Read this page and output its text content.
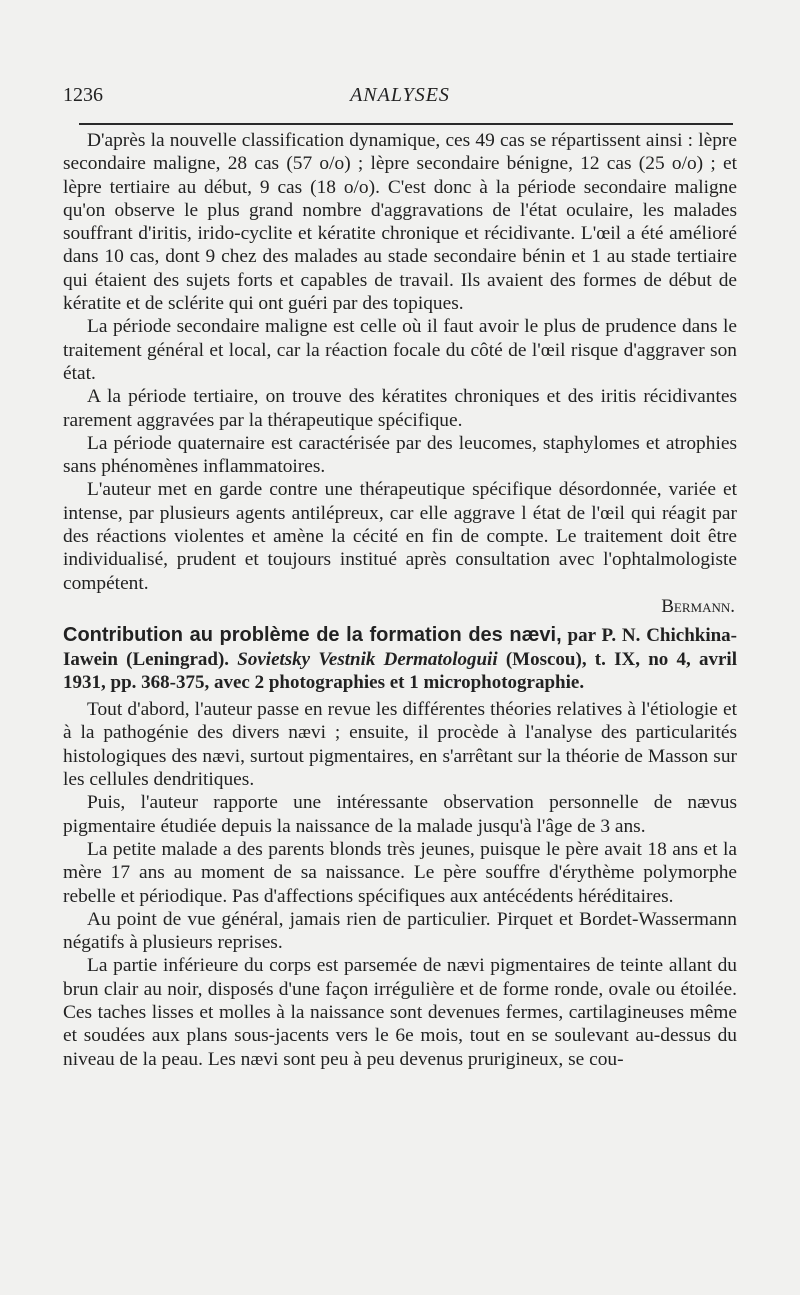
1236	ANALYSES

D'après la nouvelle classification dynamique, ces 49 cas se répartissent ainsi : lèpre secondaire maligne, 28 cas (57 o/o) ; lèpre secondaire bénigne, 12 cas (25 o/o) ; et lèpre tertiaire au début, 9 cas (18 o/o). C'est donc à la période secondaire maligne qu'on observe le plus grand nombre d'aggravations de l'état oculaire, les malades souffrant d'iritis, irido-cyclite et kératite chronique et récidivante. L'œil a été amélioré dans 10 cas, dont 9 chez des malades au stade secondaire bénin et 1 au stade tertiaire qui étaient des sujets forts et capables de travail. Ils avaient des formes de début de kératite et de sclérite qui ont guéri par des topiques.

La période secondaire maligne est celle où il faut avoir le plus de prudence dans le traitement général et local, car la réaction focale du côté de l'œil risque d'aggraver son état.

A la période tertiaire, on trouve des kératites chroniques et des iritis récidivantes rarement aggravées par la thérapeutique spécifique.

La période quaternaire est caractérisée par des leucomes, staphylomes et atrophies sans phénomènes inflammatoires.

L'auteur met en garde contre une thérapeutique spécifique désordonnée, variée et intense, par plusieurs agents antilépreux, car elle aggrave l état de l'œil qui réagit par des réactions violentes et amène la cécité en fin de compte. Le traitement doit être individualisé, prudent et toujours institué après consultation avec l'ophtalmologiste compétent.

Bermann.
Contribution au problème de la formation des nævi, par P. N. Chichkina-Iawein (Leningrad). Sovietsky Vestnik Dermatologuii (Moscou), t. IX, no 4, avril 1931, pp. 368-375, avec 2 photographies et 1 microphotographie.

Tout d'abord, l'auteur passe en revue les différentes théories relatives à l'étiologie et à la pathogénie des divers nævi ; ensuite, il procède à l'analyse des particularités histologiques des nævi, surtout pigmentaires, en s'arrêtant sur la théorie de Masson sur les cellules dendritiques.

Puis, l'auteur rapporte une intéressante observation personnelle de nævus pigmentaire étudiée depuis la naissance de la malade jusqu'à l'âge de 3 ans.

La petite malade a des parents blonds très jeunes, puisque le père avait 18 ans et la mère 17 ans au moment de sa naissance. Le père souffre d'érythème polymorphe rebelle et périodique. Pas d'affections spécifiques aux antécédents héréditaires.

Au point de vue général, jamais rien de particulier. Pirquet et Bordet-Wassermann négatifs à plusieurs reprises.

La partie inférieure du corps est parsemée de nævi pigmentaires de teinte allant du brun clair au noir, disposés d'une façon irrégulière et de forme ronde, ovale ou étoilée. Ces taches lisses et molles à la naissance sont devenues fermes, cartilagineuses même et soudées aux plans sous-jacents vers le 6e mois, tout en se soulevant au-dessus du niveau de la peau. Les nævi sont peu à peu devenus prurigineux, se cou-
